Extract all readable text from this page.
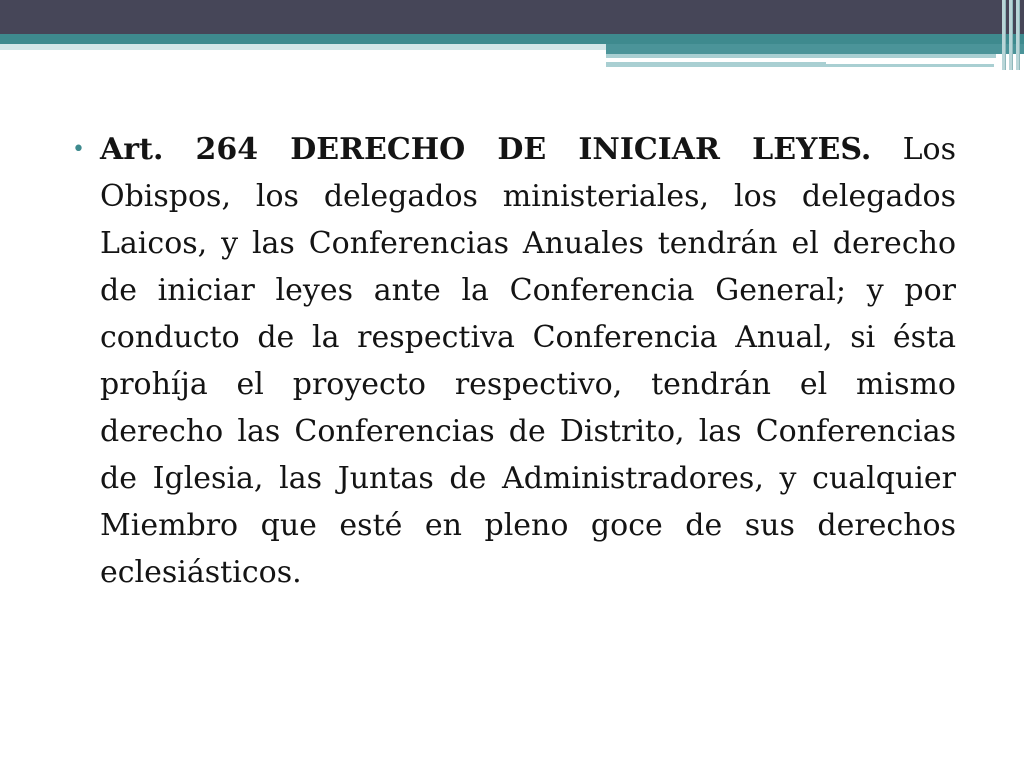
• Art. 264 DERECHO DE INICIAR LEYES. Los Obispos, los delegados ministeriales, los delegados Laicos, y las Conferencias Anuales tendrán el derecho de iniciar leyes ante la Conferencia General; y por conducto de la respectiva Conferencia Anual, si ésta prohíja el proyecto respectivo, tendrán el mismo derecho las Conferencias de Distrito, las Conferencias de Iglesia, las Juntas de Administradores, y cualquier Miembro que esté en pleno goce de sus derechos eclesiásticos.
